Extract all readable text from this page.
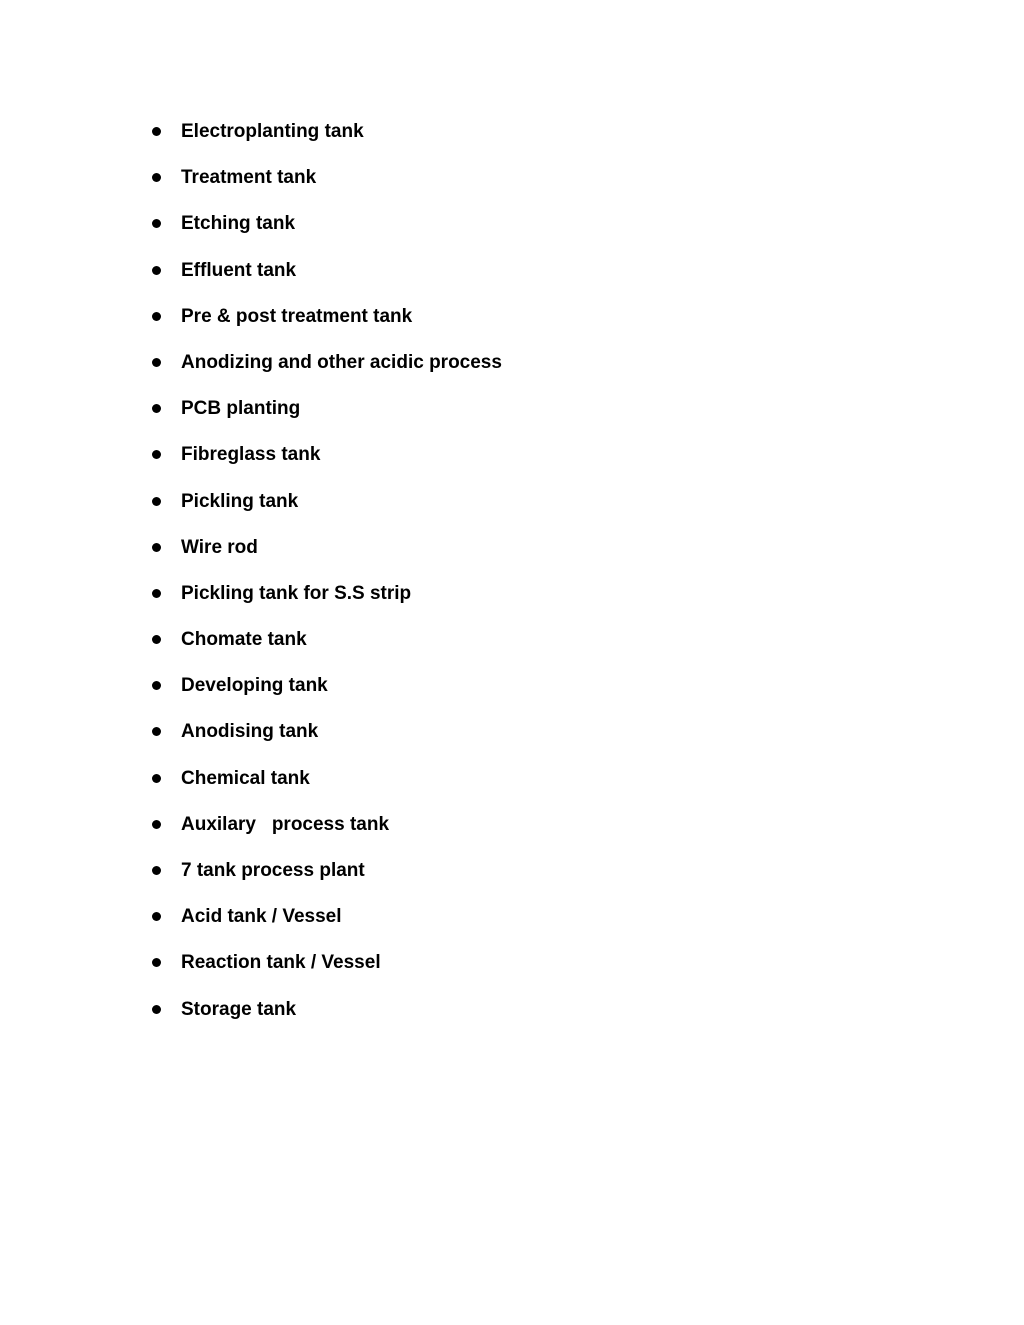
Electroplanting tank
Treatment tank
Etching tank
Effluent tank
Pre & post treatment tank
Anodizing and other acidic process
PCB planting
Fibreglass tank
Pickling tank
Wire rod
Pickling tank for S.S strip
Chomate tank
Developing tank
Anodising tank
Chemical tank
Auxilary   process tank
7 tank process plant
Acid tank / Vessel
Reaction tank / Vessel
Storage tank
